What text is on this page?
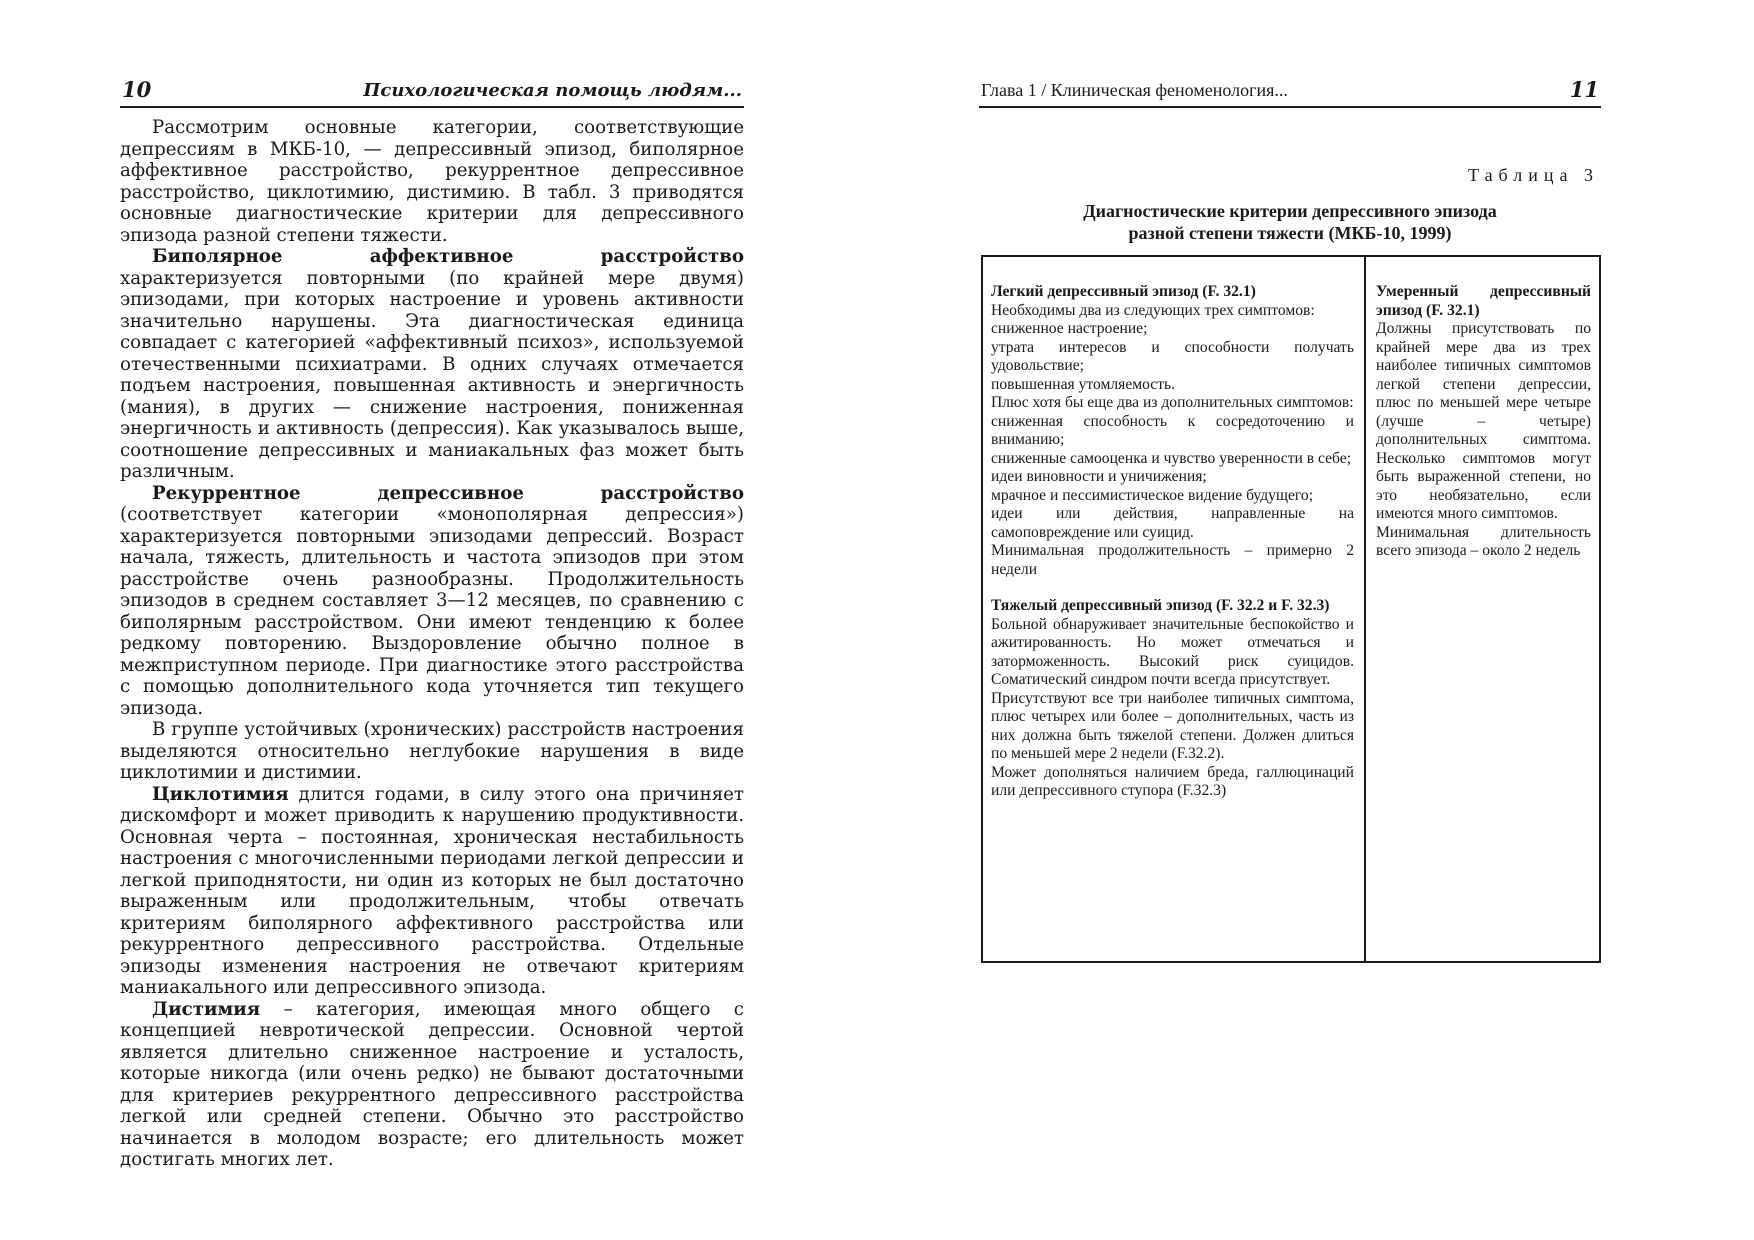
10	Психологическая помощь людям...

Рассмотрим основные категории, соответствующие депрессиям в МКБ-10, — депрессивный эпизод, биполярное аффективное расстройство, рекуррентное депрессивное расстройство, циклотимию, дистимию. В табл. 3 приводятся основные диагностические критерии для депрессивного эпизода разной степени тяжести.

Биполярное аффективное расстройство характеризуется повторными (по крайней мере двумя) эпизодами, при которых настроение и уровень активности значительно нарушены. Эта диагностическая единица совпадает с категорией «аффективный психоз», используемой отечественными психиатрами. В одних случаях отмечается подъем настроения, повышенная активность и энергичность (мания), в других — снижение настроения, пониженная энергичность и активность (депрессия). Как указывалось выше, соотношение депрессивных и маниакальных фаз может быть различным.

Рекуррентное депрессивное расстройство (соответствует категории «монополярная депрессия») характеризуется повторными эпизодами депрессий. Возраст начала, тяжесть, длительность и частота эпизодов при этом расстройстве очень разнообразны. Продолжительность эпизодов в среднем составляет 3—12 месяцев, по сравнению с биполярным расстройством. Они имеют тенденцию к более редкому повторению. Выздоровление обычно полное в межприступном периоде. При диагностике этого расстройства с помощью дополнительного кода уточняется тип текущего эпизода.

В группе устойчивых (хронических) расстройств настроения выделяются относительно неглубокие нарушения в виде циклотимии и дистимии.

Циклотимия длится годами, в силу этого она причиняет дискомфорт и может приводить к нарушению продуктивности. Основная черта – постоянная, хроническая нестабильность настроения с многочисленными периодами легкой депрессии и легкой приподнятости, ни один из которых не был достаточно выраженным или продолжительным, чтобы отвечать критериям биполярного аффективного расстройства или рекуррентного депрессивного расстройства. Отдельные эпизоды изменения настроения не отвечают критериям маниакального или депрессивного эпизода.

Дистимия – категория, имеющая много общего с концепцией невротической депрессии. Основной чертой является длительно сниженное настроение и усталость, которые никогда (или очень редко) не бывают достаточными для критериев рекуррентного депрессивного расстройства легкой или средней степени. Обычно это расстройство начинается в молодом возрасте; его длительность может достигать многих лет.

Глава 1 / Клиническая феноменология...	11
Таблица 3
Диагностические критерии депрессивного эпизода
разной степени тяжести (МКБ-10, 1999)
Легкий депрессивный эпизод (F. 32.1)
Необходимы два из следующих трех симптомов:
сниженное настроение;
утрата интересов и способности получать удовольствие;
повышенная утомляемость.
Плюс хотя бы еще два из дополнительных симптомов:
сниженная способность к сосредоточению и вниманию;
сниженные самооценка и чувство уверенности в себе;
идеи виновности и уничижения;
мрачное и пессимистическое видение будущего;
идеи или действия, направленные на самоповреждение или суицид.
Минимальная продолжительность – примерно 2 недели
Тяжелый депрессивный эпизод (F. 32.2 и F. 32.3)
Больной обнаруживает значительные беспокойство и ажитированность. Но может отмечаться и заторможенность. Высокий риск суицидов. Соматический синдром почти всегда присутствует.
Присутствуют все три наиболее типичных симптома, плюс четырех или более – дополнительных, часть из них должна быть тяжелой степени. Должен длиться по меньшей мере 2 недели (F.32.2).
Может дополняться наличием бреда, галлюцинаций или депрессивного ступора (F.32.3)
Умеренный депрессивный эпизод (F. 32.1)
Должны присутствовать по крайней мере два из трех наиболее типичных симптомов легкой степени депрессии, плюс по меньшей мере четыре (лучше – четыре) дополнительных симптома. Несколько симптомов могут быть выраженной степени, но это необязательно, если имеются много симптомов.
Минимальная длительность всего эпизода – около 2 недель
